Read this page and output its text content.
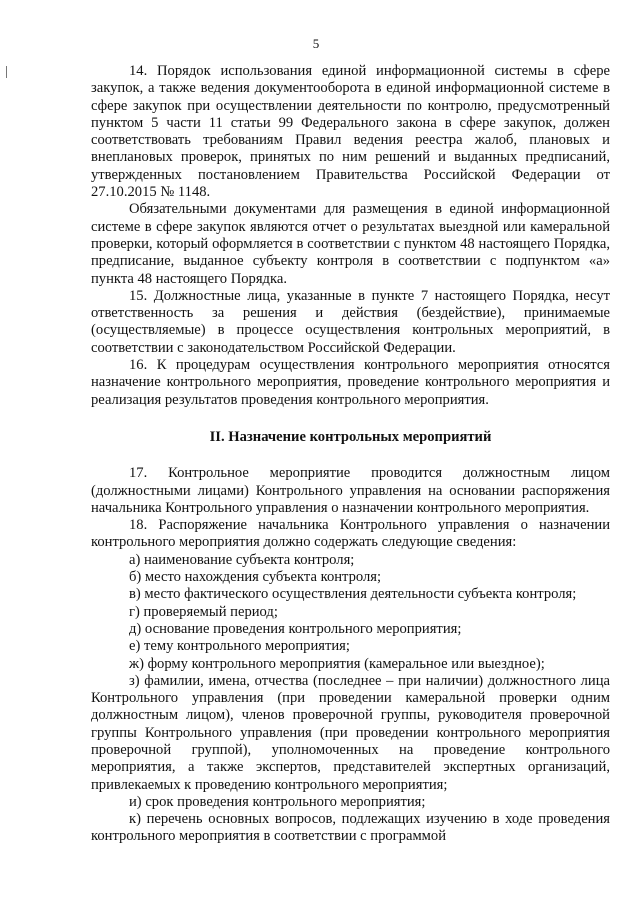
5

14. Порядок использования единой информационной системы в сфере закупок, а также ведения документооборота в единой информационной системе в сфере закупок при осуществлении деятельности по контролю, предусмотренный пунктом 5 части 11 статьи 99 Федерального закона в сфере закупок, должен соответствовать требованиям Правил ведения реестра жалоб, плановых и внеплановых проверок, принятых по ним решений и выданных предписаний, утвержденных постановлением Правительства Российской Федерации от 27.10.2015 № 1148.

Обязательными документами для размещения в единой информационной системе в сфере закупок являются отчет о результатах выездной или камеральной проверки, который оформляется в соответствии с пунктом 48 настоящего Порядка, предписание, выданное субъекту контроля в соответствии с подпунктом «а» пункта 48 настоящего Порядка.

15. Должностные лица, указанные в пункте 7 настоящего Порядка, несут ответственность за решения и действия (бездействие), принимаемые (осуществляемые) в процессе осуществления контрольных мероприятий, в соответствии с законодательством Российской Федерации.

16. К процедурам осуществления контрольного мероприятия относятся назначение контрольного мероприятия, проведение контрольного мероприятия и реализация результатов проведения контрольного мероприятия.

II. Назначение контрольных мероприятий

17. Контрольное мероприятие проводится должностным лицом (должностными лицами) Контрольного управления на основании распоряжения начальника Контрольного управления о назначении контрольного мероприятия.

18. Распоряжение начальника Контрольного управления о назначении контрольного мероприятия должно содержать следующие сведения:

а) наименование субъекта контроля;

б) место нахождения субъекта контроля;

в) место фактического осуществления деятельности субъекта контроля;

г) проверяемый период;

д) основание проведения контрольного мероприятия;

е) тему контрольного мероприятия;

ж) форму контрольного мероприятия (камеральное или выездное);

з) фамилии, имена, отчества (последнее – при наличии) должностного лица Контрольного управления (при проведении камеральной проверки одним должностным лицом), членов проверочной группы, руководителя проверочной группы Контрольного управления (при проведении контрольного мероприятия проверочной группой), уполномоченных на проведение контрольного мероприятия, а также экспертов, представителей экспертных организаций, привлекаемых к проведению контрольного мероприятия;

и) срок проведения контрольного мероприятия;

к) перечень основных вопросов, подлежащих изучению в ходе проведения контрольного мероприятия в соответствии с программой
